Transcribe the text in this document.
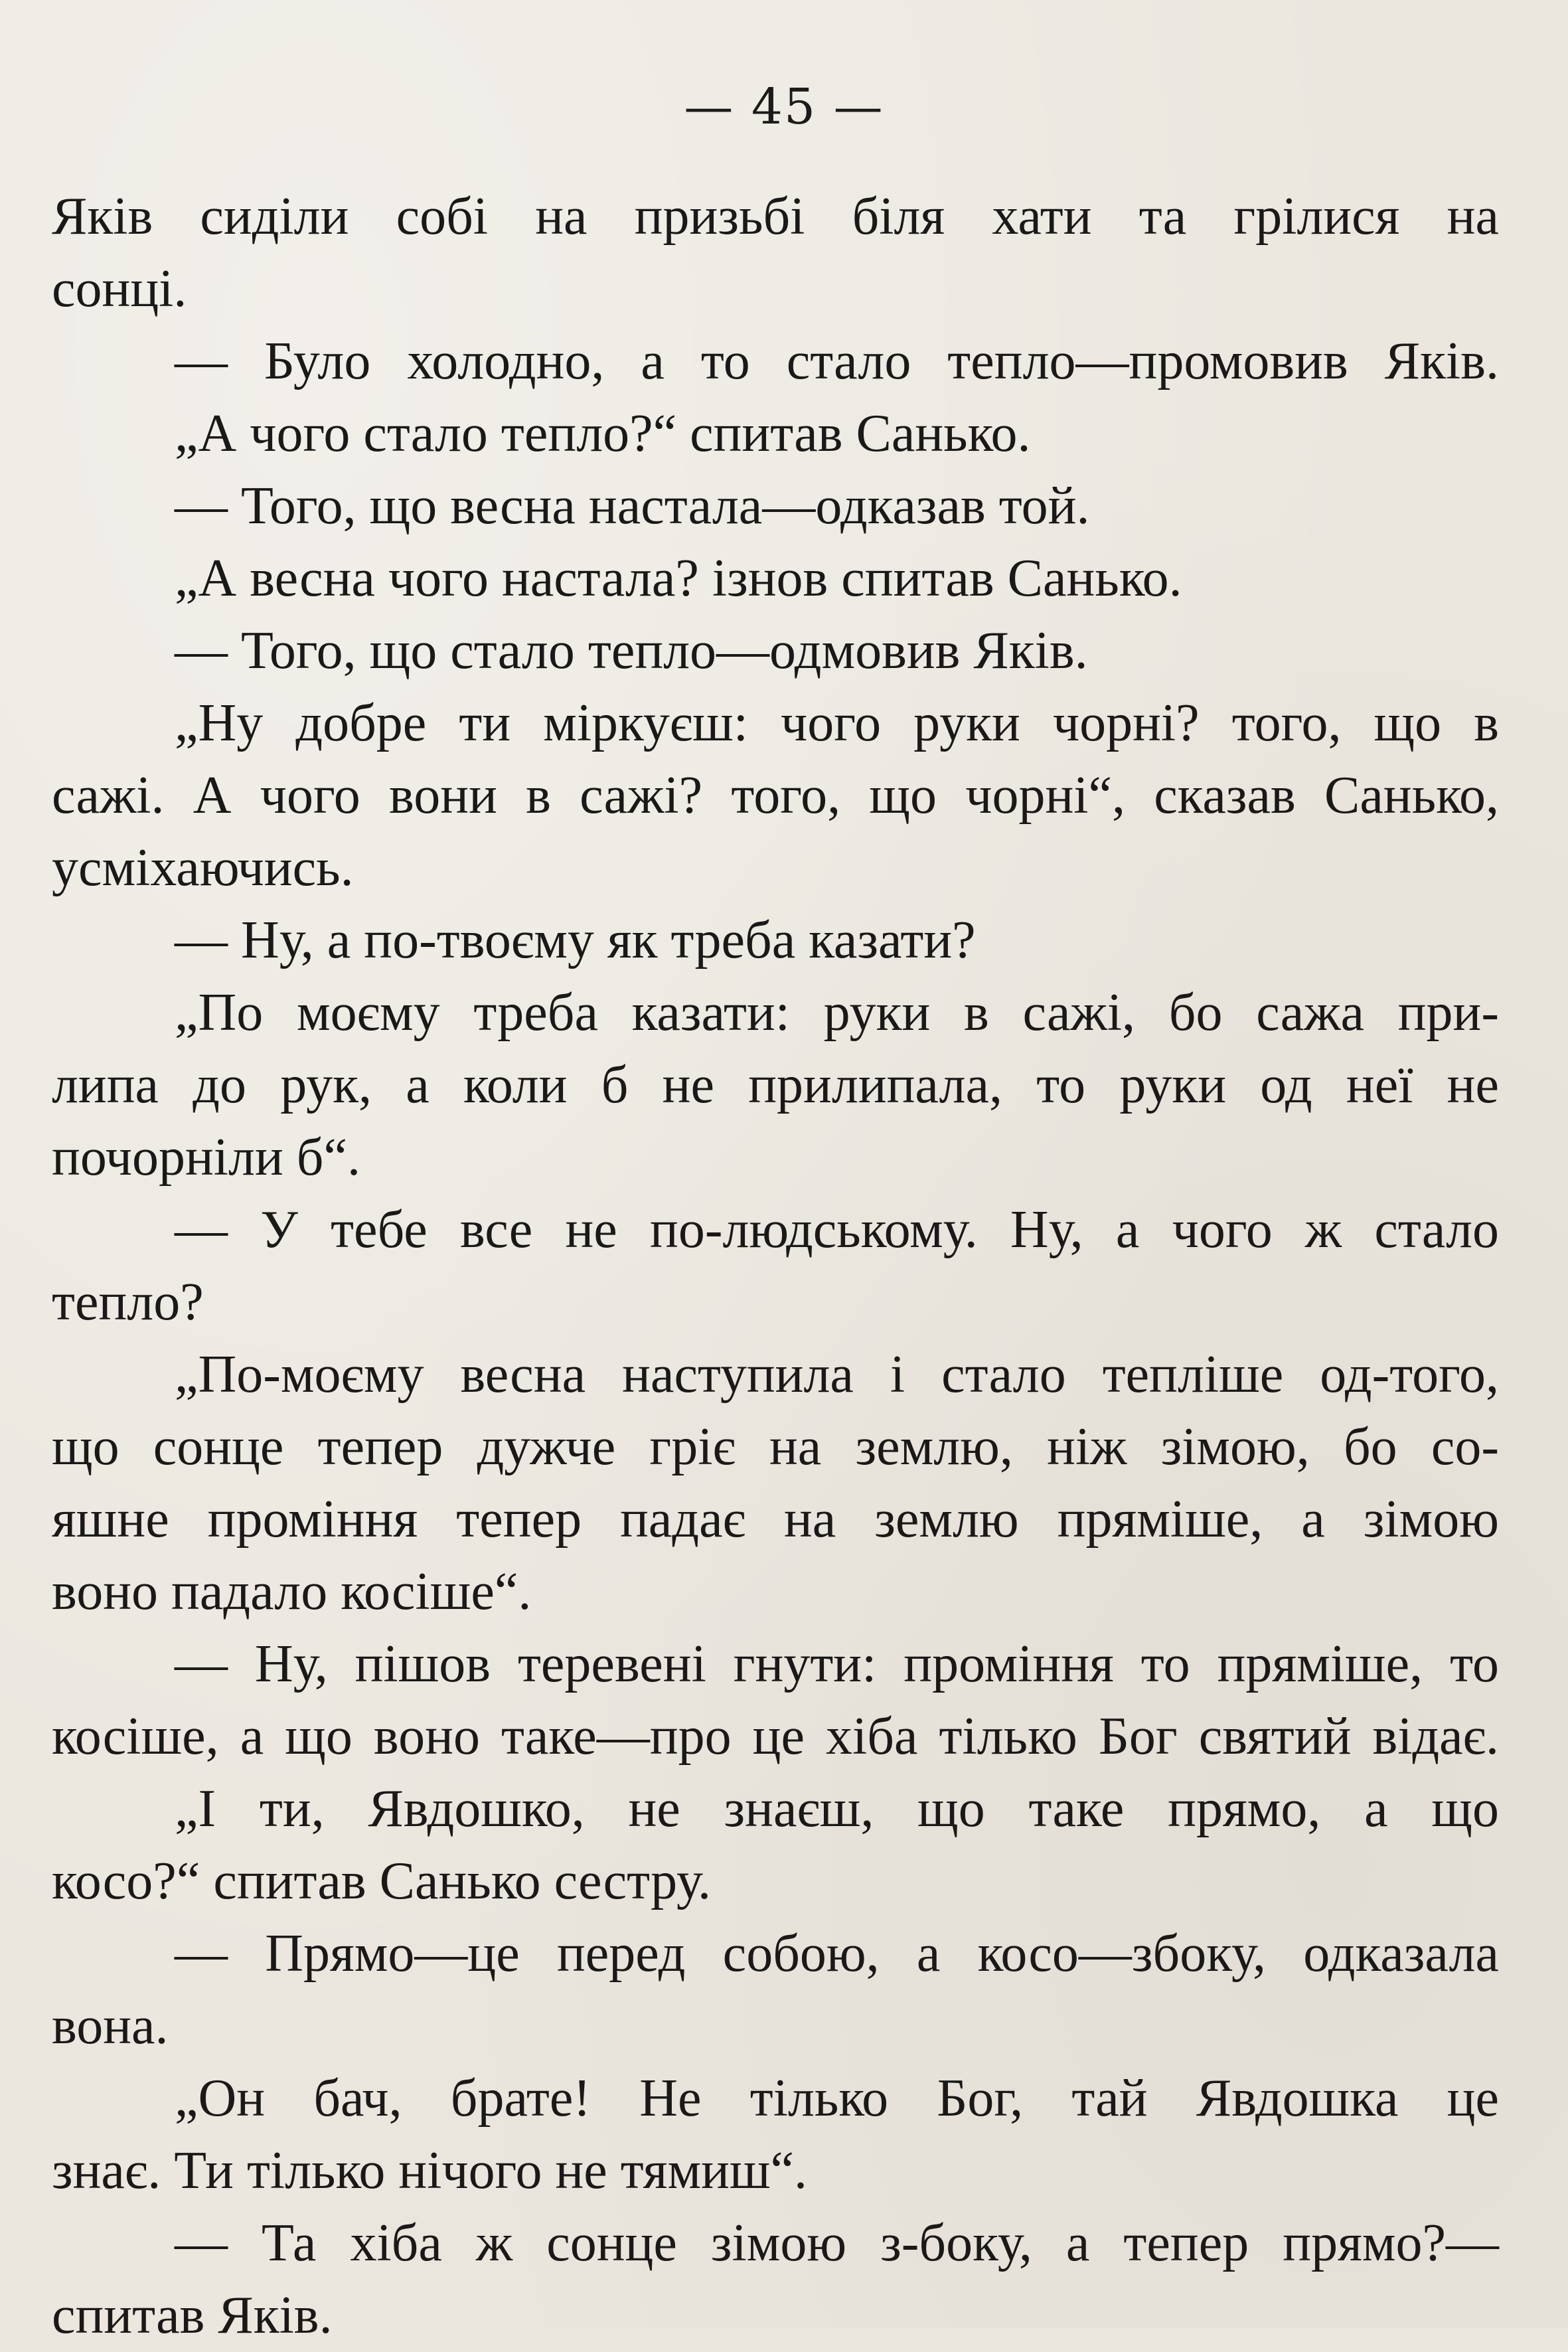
— 45 —
Яків сиділи собі на призьбі біля хати та грілися на
сонці.
— Було холодно, а то стало тепло—промовив Яків.
„А чого стало тепло?“ спитав Санько.
— Того, що весна настала—одказав той.
„А весна чого настала? ізнов спитав Санько.
— Того, що стало тепло—одмовив Яків.
„Ну добре ти міркуєш: чого руки чорні? того, що в
сажі. А чого вони в сажі? того, що чорні“, сказав Санько,
усміхаючись.
— Ну, а по-твоєму як треба казати?
„По моєму треба казати: руки в сажі, бо сажа при-
липа до рук, а коли б не прилипала, то руки од неї не
почорніли б“.
— У тебе все не по-людському. Ну, а чого ж стало
тепло?
„По-моєму весна наступила і стало тепліше од-того,
що сонце тепер дужче гріє на землю, ніж зімою, бо со-
яшне проміння тепер падає на землю пряміше, а зімою
воно падало косіше“.
— Ну, пішов теревені гнути: проміння то пряміше, то
косіше, а що воно таке—про це хіба тілько Бог святий відає.
„І ти, Явдошко, не знаєш, що таке прямо, а що
косо?“ спитав Санько сестру.
— Прямо—це перед собою, а косо—збоку, одказала
вона.
„Он бач, брате! Не тілько Бог, тай Явдошка це
знає. Ти тілько нічого не тямиш“.
— Та хіба ж сонце зімою з-боку, а тепер прямо?—
спитав Яків.
